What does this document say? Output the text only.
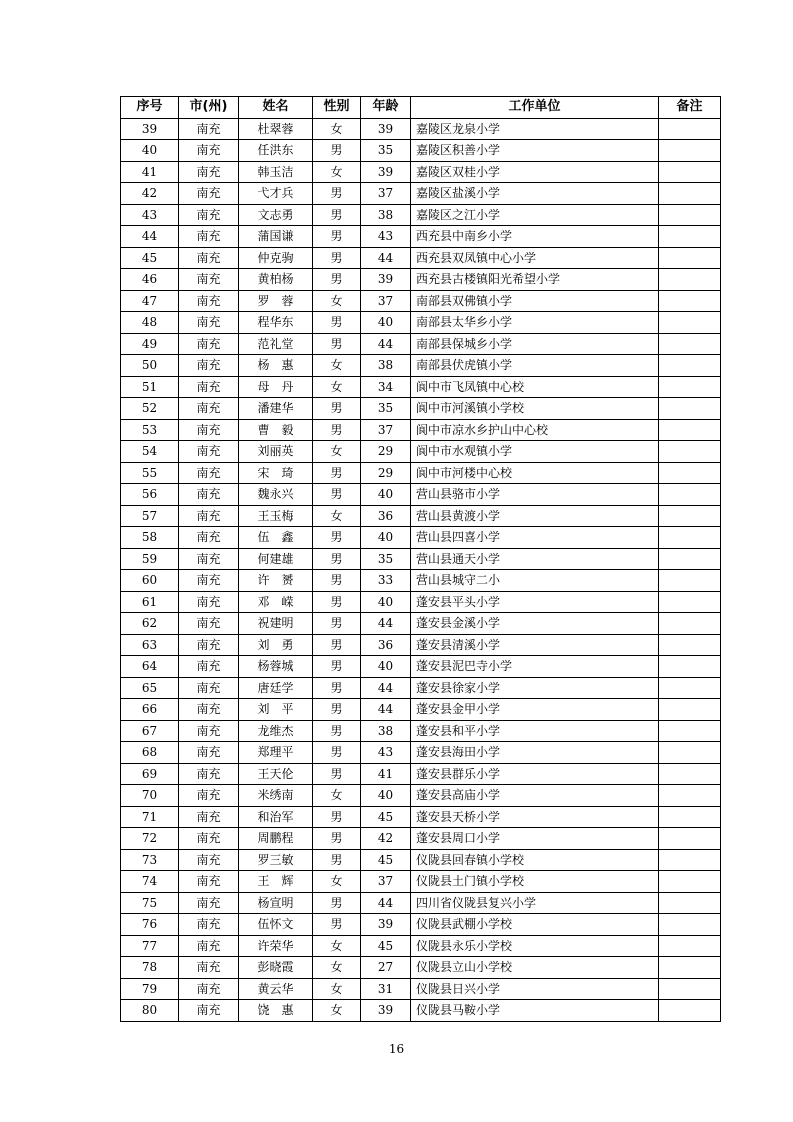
序号	市(州)	姓名	性别	年龄	工作单位	备注
39	南充	杜翠蓉	女	39	嘉陵区龙泉小学	
40	南充	任洪东	男	35	嘉陵区积善小学	
41	南充	韩玉洁	女	39	嘉陵区双桂小学	
42	南充	弋才兵	男	37	嘉陵区盐溪小学	
43	南充	文志勇	男	38	嘉陵区之江小学	
44	南充	蒲国谦	男	43	西充县中南乡小学	
45	南充	仲克驹	男	44	西充县双凤镇中心小学	
46	南充	黄柏杨	男	39	西充县古楼镇阳光希望小学	
47	南充	罗　蓉	女	37	南部县双佛镇小学	
48	南充	程华东	男	40	南部县太华乡小学	
49	南充	范礼堂	男	44	南部县保城乡小学	
50	南充	杨　惠	女	38	南部县伏虎镇小学	
51	南充	母　丹	女	34	阆中市飞凤镇中心校	
52	南充	潘建华	男	35	阆中市河溪镇小学校	
53	南充	曹　毅	男	37	阆中市凉水乡护山中心校	
54	南充	刘丽英	女	29	阆中市水观镇小学	
55	南充	宋　琦	男	29	阆中市河楼中心校	
56	南充	魏永兴	男	40	营山县骆市小学	
57	南充	王玉梅	女	36	营山县黄渡小学	
58	南充	伍　鑫	男	40	营山县四喜小学	
59	南充	何建雄	男	35	营山县通天小学	
60	南充	许　赟	男	33	营山县城守二小	
61	南充	邓　嵘	男	40	蓬安县平头小学	
62	南充	祝建明	男	44	蓬安县金溪小学	
63	南充	刘　勇	男	36	蓬安县清溪小学	
64	南充	杨蓉城	男	40	蓬安县泥巴寺小学	
65	南充	唐廷学	男	44	蓬安县徐家小学	
66	南充	刘　平	男	44	蓬安县金甲小学	
67	南充	龙维杰	男	38	蓬安县和平小学	
68	南充	郑理平	男	43	蓬安县海田小学	
69	南充	王天伦	男	41	蓬安县群乐小学	
70	南充	米绣南	女	40	蓬安县高庙小学	
71	南充	和治军	男	45	蓬安县天桥小学	
72	南充	周鹏程	男	42	蓬安县周口小学	
73	南充	罗三敏	男	45	仪陇县回春镇小学校	
74	南充	王　辉	女	37	仪陇县土门镇小学校	
75	南充	杨宣明	男	44	四川省仪陇县复兴小学	
76	南充	伍怀文	男	39	仪陇县武棚小学校	
77	南充	许荣华	女	45	仪陇县永乐小学校	
78	南充	彭晓霞	女	27	仪陇县立山小学校	
79	南充	黄云华	女	31	仪陇县日兴小学	
80	南充	饶　惠	女	39	仪陇县马鞍小学	
16
